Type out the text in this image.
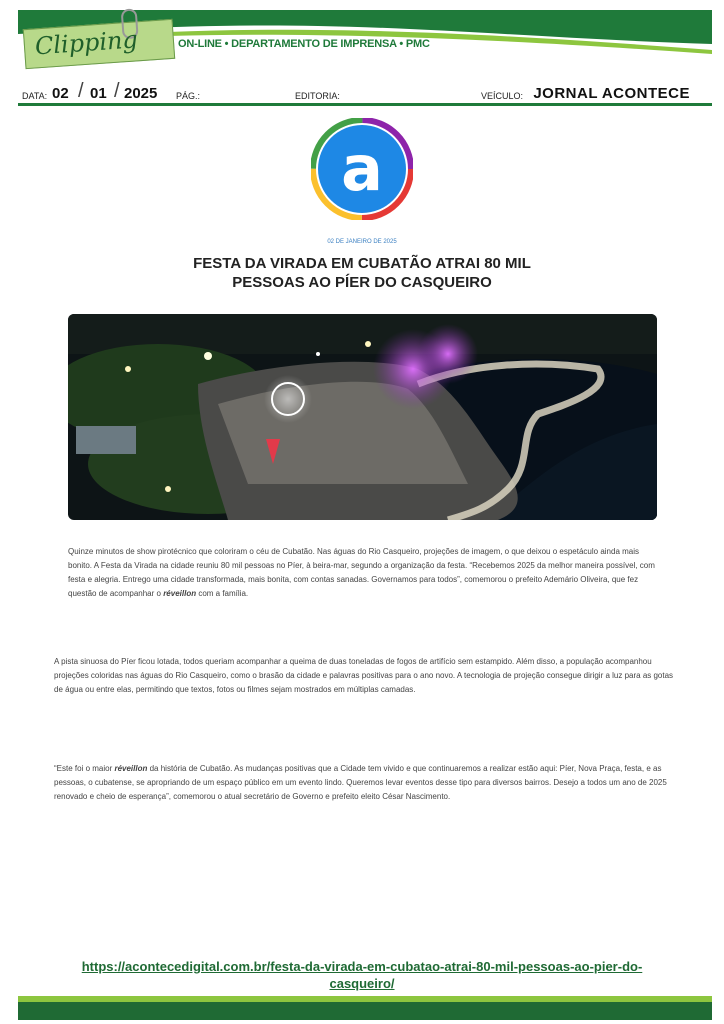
Clipping	ON-LINE • DEPARTAMENTO DE IMPRENSA • PMC
DATA: 02 / 01 / 2025 PÁG.:	EDITORIA:	VEÍCULO: JORNAL ACONTECE
a
02 DE JANEIRO DE 2025
FESTA DA VIRADA EM CUBATÃO ATRAI 80 MIL
PESSOAS AO PÍER DO CASQUEIRO
Quinze minutos de show pirotécnico que coloriram o céu de Cubatão. Nas águas do Rio Casqueiro, projeções de imagem, o que deixou o espetáculo ainda mais bonito. A Festa da Virada na cidade reuniu 80 mil pessoas no Píer, à beira-mar, segundo a organização da festa. “Recebemos 2025 da melhor maneira possível, com festa e alegria. Entrego uma cidade transformada, mais bonita, com contas sanadas. Governamos para todos”, comemorou o prefeito Ademário Oliveira, que fez questão de acompanhar o réveillon com a família.
A pista sinuosa do Píer ficou lotada, todos queriam acompanhar a queima de duas toneladas de fogos de artifício sem estampido. Além disso, a população acompanhou projeções coloridas nas águas do Rio Casqueiro, como o brasão da cidade e palavras positivas para o ano novo. A tecnologia de projeção consegue dirigir a luz para as gotas de água ou entre elas, permitindo que textos, fotos ou filmes sejam mostrados em múltiplas camadas.
“Este foi o maior réveillon da história de Cubatão. As mudanças positivas que a Cidade tem vivido e que continuaremos a realizar estão aqui: Píer, Nova Praça, festa, e as pessoas, o cubatense, se apropriando de um espaço público em um evento lindo. Queremos levar eventos desse tipo para diversos bairros. Desejo a todos um ano de 2025 renovado e cheio de esperança”, comemorou o atual secretário de Governo e prefeito eleito César Nascimento.
https://acontecedigital.com.br/festa-da-virada-em-cubatao-atrai-80-mil-pessoas-ao-pier-do-
casqueiro/
